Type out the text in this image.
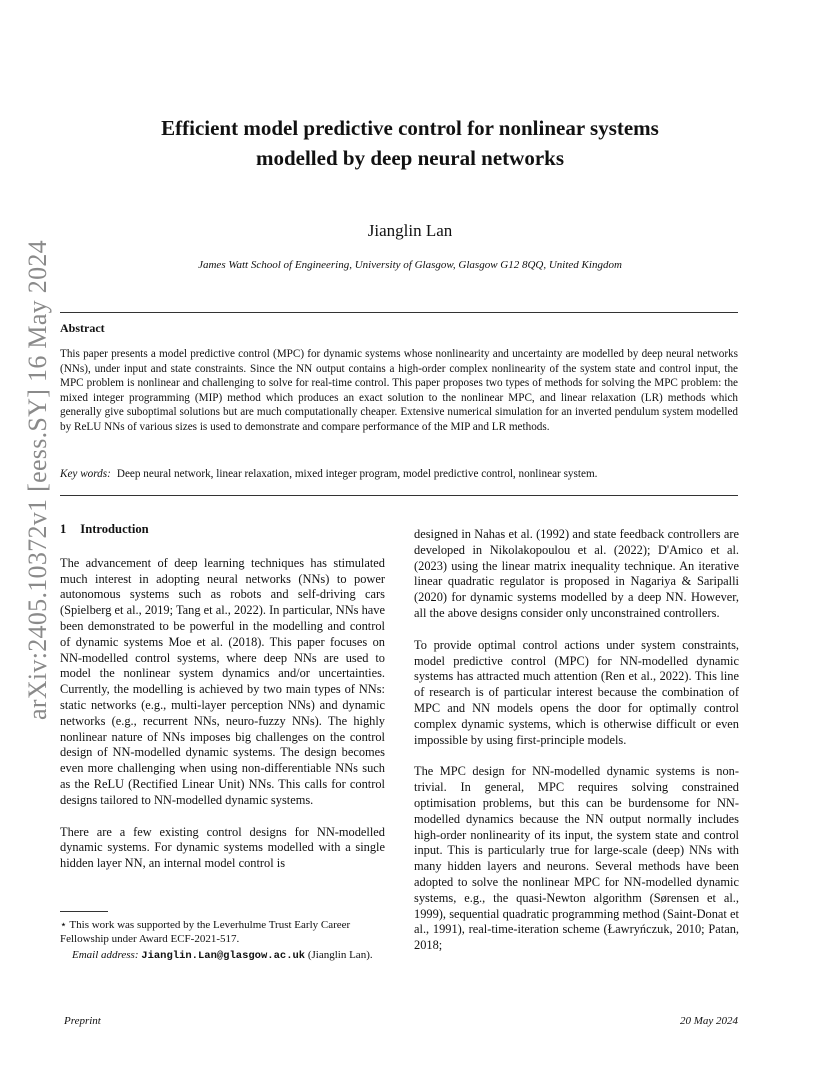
arXiv:2405.10372v1 [eess.SY] 16 May 2024
Efficient model predictive control for nonlinear systems
modelled by deep neural networks
Jianglin Lan
James Watt School of Engineering, University of Glasgow, Glasgow G12 8QQ, United Kingdom
Abstract
This paper presents a model predictive control (MPC) for dynamic systems whose nonlinearity and uncertainty are modelled by deep neural networks (NNs), under input and state constraints. Since the NN output contains a high-order complex nonlinearity of the system state and control input, the MPC problem is nonlinear and challenging to solve for real-time control. This paper proposes two types of methods for solving the MPC problem: the mixed integer programming (MIP) method which produces an exact solution to the nonlinear MPC, and linear relaxation (LR) methods which generally give suboptimal solutions but are much computationally cheaper. Extensive numerical simulation for an inverted pendulum system modelled by ReLU NNs of various sizes is used to demonstrate and compare performance of the MIP and LR methods.
Key words: Deep neural network, linear relaxation, mixed integer program, model predictive control, nonlinear system.
1 Introduction

The advancement of deep learning techniques has stimulated much interest in adopting neural networks (NNs) to power autonomous systems such as robots and self-driving cars (Spielberg et al., 2019; Tang et al., 2022). In particular, NNs have been demonstrated to be powerful in the modelling and control of dynamic systems Moe et al. (2018). This paper focuses on NN-modelled control systems, where deep NNs are used to model the nonlinear system dynamics and/or uncertainties. Currently, the modelling is achieved by two main types of NNs: static networks (e.g., multi-layer perception NNs) and dynamic networks (e.g., recurrent NNs, neuro-fuzzy NNs). The highly nonlinear nature of NNs imposes big challenges on the control design of NN-modelled dynamic systems. The design becomes even more challenging when using non-differentiable NNs such as the ReLU (Rectified Linear Unit) NNs. This calls for control designs tailored to NN-modelled dynamic systems.

There are a few existing control designs for NN-modelled dynamic systems. For dynamic systems modelled with a single hidden layer NN, an internal model control is

designed in Nahas et al. (1992) and state feedback controllers are developed in Nikolakopoulou et al. (2022); D'Amico et al. (2023) using the linear matrix inequality technique. An iterative linear quadratic regulator is proposed in Nagariya & Saripalli (2020) for dynamic systems modelled by a deep NN. However, all the above designs consider only unconstrained controllers.

To provide optimal control actions under system constraints, model predictive control (MPC) for NN-modelled dynamic systems has attracted much attention (Ren et al., 2022). This line of research is of particular interest because the combination of MPC and NN models opens the door for optimally control complex dynamic systems, which is otherwise difficult or even impossible by using first-principle models.

The MPC design for NN-modelled dynamic systems is non-trivial. In general, MPC requires solving constrained optimisation problems, but this can be burdensome for NN-modelled dynamics because the NN output normally includes high-order nonlinearity of its input, the system state and control input. This is particularly true for large-scale (deep) NNs with many hidden layers and neurons. Several methods have been adopted to solve the nonlinear MPC for NN-modelled dynamic systems, e.g., the quasi-Newton algorithm (Sørensen et al., 1999), sequential quadratic programming method (Saint-Donat et al., 1991), real-time-iteration scheme (Ławryńczuk, 2010; Patan, 2018;

⋆ This work was supported by the Leverhulme Trust Early Career Fellowship under Award ECF-2021-517.

Email address: Jianglin.Lan@glasgow.ac.uk (Jianglin Lan).

Preprint	20 May 2024
